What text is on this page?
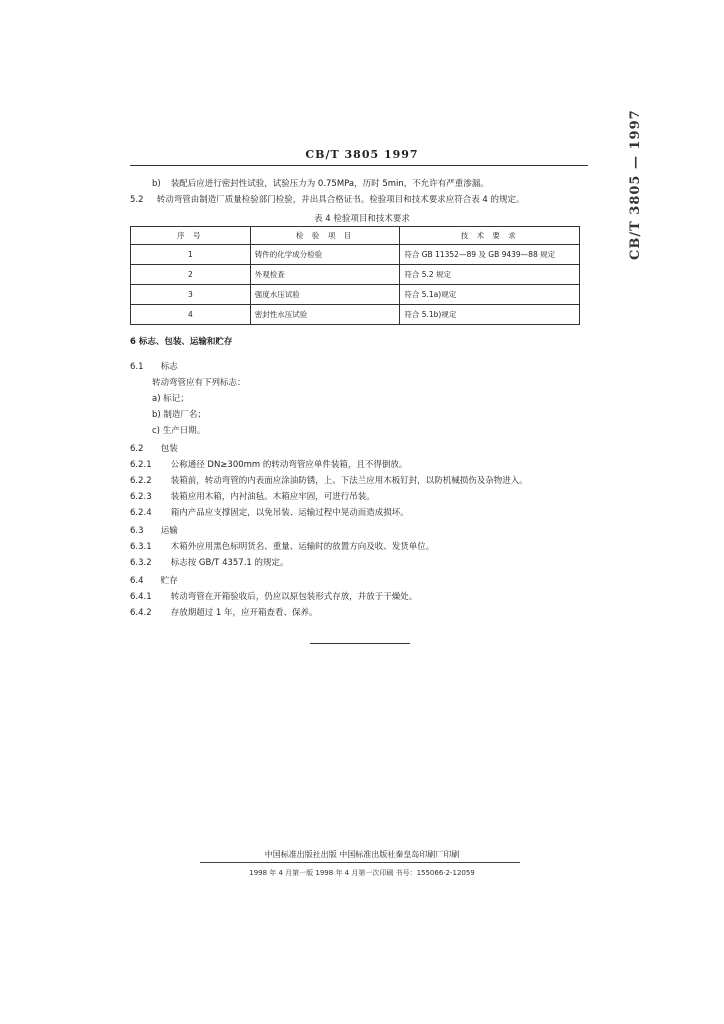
CB/T 3805 1997	CB/T 3805 — 1997
b) 装配后应进行密封性试验，试验压力为 0.75MPa，历时 5min，不允许有严重渗漏。
5.2 转动弯管由制造厂质量检验部门检验，并出具合格证书。检验项目和技术要求应符合表 4 的规定。
表 4 检验项目和技术要求
序 号	检 验 项 目	技 术 要 求
1	铸件的化学成分检验	符合 GB 11352—89 及 GB 9439—88 规定
2	外观检查	符合 5.2 规定
3	强度水压试验	符合 5.1a)规定
4	密封性水压试验	符合 5.1b)规定
6 标志、包装、运输和贮存
6.1 标志
转动弯管应有下列标志：
a) 标记；
b) 制造厂名；
c) 生产日期。
6.2 包装
6.2.1 公称通径 DN≥300mm 的转动弯管应单件装箱，且不得倒放。
6.2.2 装箱前，转动弯管的内表面应涂油防锈，上、下法兰应用木板钉封，以防机械损伤及杂物进入。
6.2.3 装箱应用木箱，内衬油毡。木箱应牢固，可进行吊装。
6.2.4 箱内产品应支撑固定，以免吊装、运输过程中晃动而造成损坏。
6.3 运输
6.3.1 木箱外应用黑色标明货名、重量、运输时的放置方向及收、发货单位。
6.3.2 标志按 GB/T 4357.1 的规定。
6.4 贮存
6.4.1 转动弯管在开箱验收后，仍应以原包装形式存放，并放于干燥处。
6.4.2 存放期超过 1 年，应开箱查看、保养。
中国标准出版社出版 中国标准出版社秦皇岛印刷厂印刷
1998 年 4 月第一版 1998 年 4 月第一次印刷 书号：155066·2-12059
